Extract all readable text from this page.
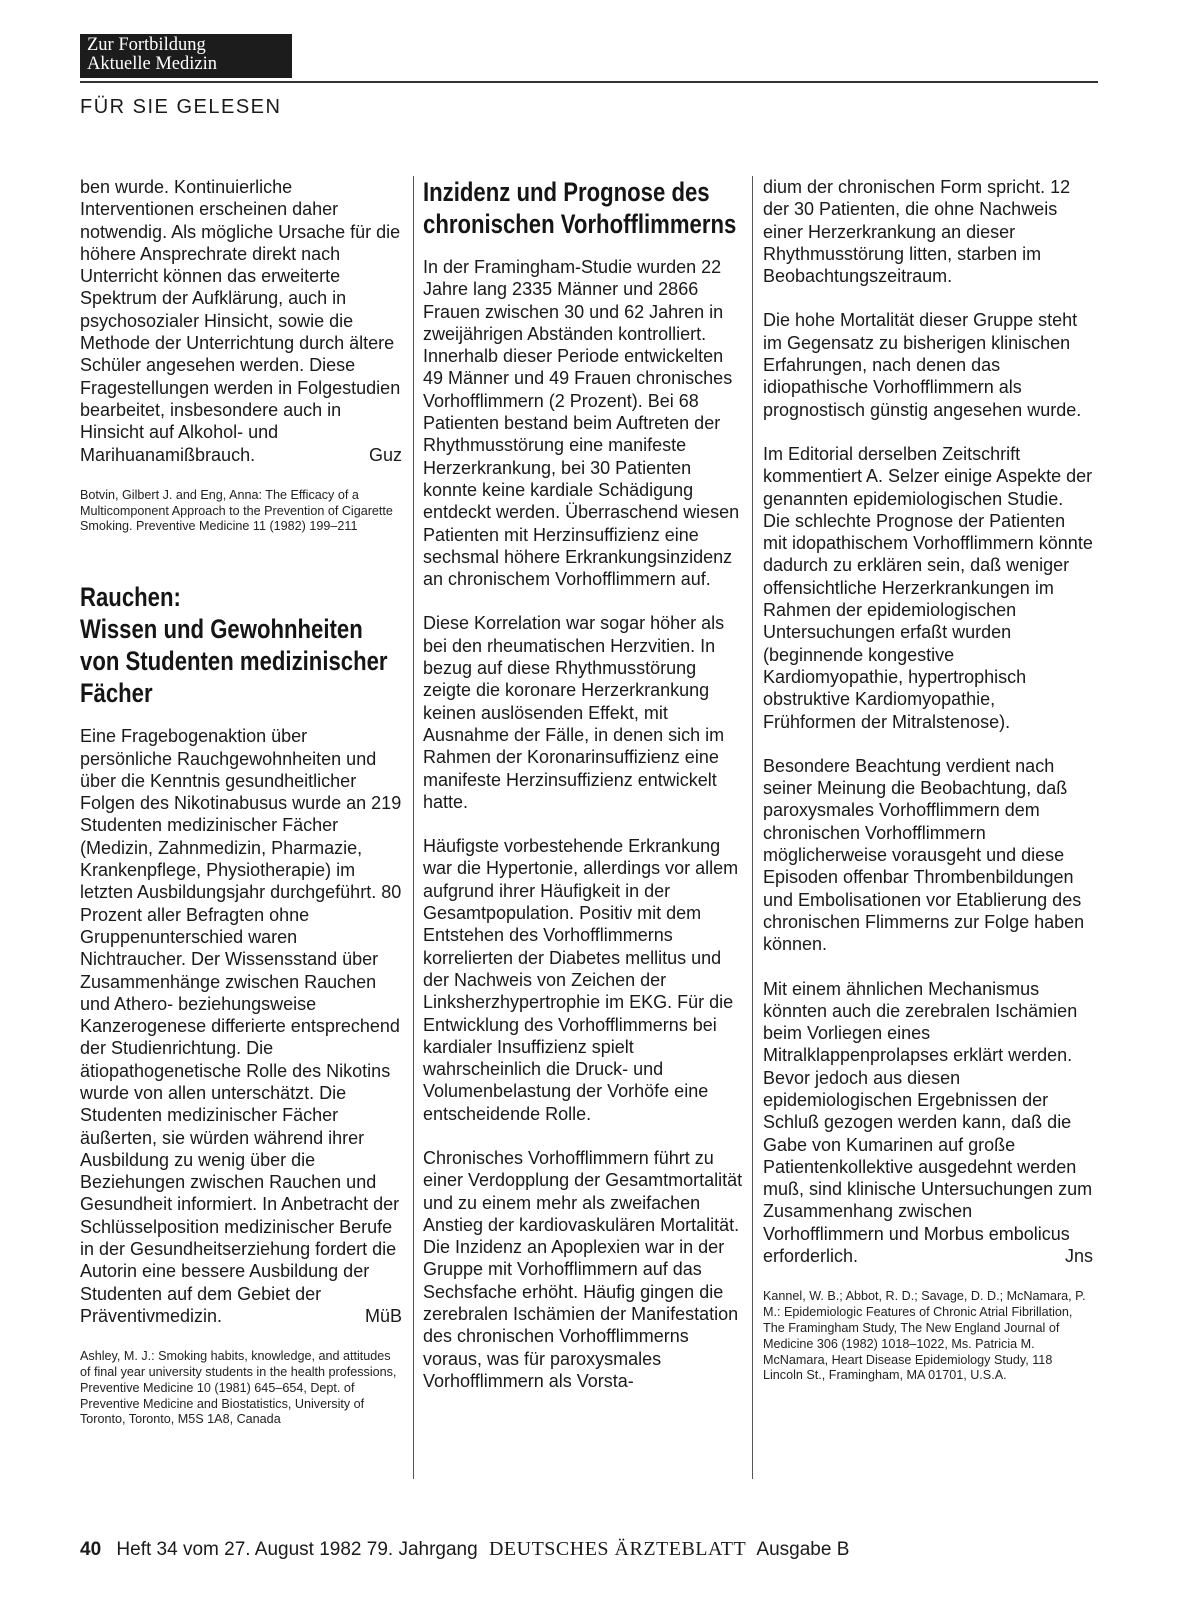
Zur Fortbildung
Aktuelle Medizin
FÜR SIE GELESEN

ben wurde. Kontinuierliche Interventionen erscheinen daher notwendig. Als mögliche Ursache für die höhere Ansprechrate direkt nach Unterricht können das erweiterte Spektrum der Aufklärung, auch in psychosozialer Hinsicht, sowie die Methode der Unterrichtung durch ältere Schüler angesehen werden. Diese Fragestellungen werden in Folgestudien bearbeitet, insbesondere auch in Hinsicht auf Alkohol- und Marihuanamißbrauch.	Guz

Botvin, Gilbert J. and Eng, Anna: The Efficacy of a Multicomponent Approach to the Prevention of Cigarette Smoking. Preventive Medicine 11 (1982) 199–211

Rauchen:
Wissen und Gewohnheiten von Studenten medizinischer Fächer

Eine Fragebogenaktion über persönliche Rauchgewohnheiten und über die Kenntnis gesundheitlicher Folgen des Nikotinabusus wurde an 219 Studenten medizinischer Fächer (Medizin, Zahnmedizin, Pharmazie, Krankenpflege, Physiotherapie) im letzten Ausbildungsjahr durchgeführt. 80 Prozent aller Befragten ohne Gruppenunterschied waren Nichtraucher. Der Wissensstand über Zusammenhänge zwischen Rauchen und Athero- beziehungsweise Kanzerogenese differierte entsprechend der Studienrichtung. Die ätiopathogenetische Rolle des Nikotins wurde von allen unterschätzt. Die Studenten medizinischer Fächer äußerten, sie würden während ihrer Ausbildung zu wenig über die Beziehungen zwischen Rauchen und Gesundheit informiert. In Anbetracht der Schlüsselposition medizinischer Berufe in der Gesundheitserziehung fordert die Autorin eine bessere Ausbildung der Studenten auf dem Gebiet der Präventivmedizin.	MüB

Ashley, M. J.: Smoking habits, knowledge, and attitudes of final year university students in the health professions, Preventive Medicine 10 (1981) 645–654, Dept. of Preventive Medicine and Biostatistics, University of Toronto, Toronto, M5S 1A8, Canada

Inzidenz und Prognose des chronischen Vorhofflimmerns

In der Framingham-Studie wurden 22 Jahre lang 2335 Männer und 2866 Frauen zwischen 30 und 62 Jahren in zweijährigen Abständen kontrolliert. Innerhalb dieser Periode entwickelten 49 Männer und 49 Frauen chronisches Vorhofflimmern (2 Prozent). Bei 68 Patienten bestand beim Auftreten der Rhythmusstörung eine manifeste Herzerkrankung, bei 30 Patienten konnte keine kardiale Schädigung entdeckt werden. Überraschend wiesen Patienten mit Herzinsuffizienz eine sechsmal höhere Erkrankungsinzidenz an chronischem Vorhofflimmern auf.

Diese Korrelation war sogar höher als bei den rheumatischen Herzvitien. In bezug auf diese Rhythmusstörung zeigte die koronare Herzerkrankung keinen auslösenden Effekt, mit Ausnahme der Fälle, in denen sich im Rahmen der Koronarinsuffizienz eine manifeste Herzinsuffizienz entwickelt hatte.

Häufigste vorbestehende Erkrankung war die Hypertonie, allerdings vor allem aufgrund ihrer Häufigkeit in der Gesamtpopulation. Positiv mit dem Entstehen des Vorhofflimmerns korrelierten der Diabetes mellitus und der Nachweis von Zeichen der Linksherzhypertrophie im EKG. Für die Entwicklung des Vorhofflimmerns bei kardialer Insuffizienz spielt wahrscheinlich die Druck- und Volumenbelastung der Vorhöfe eine entscheidende Rolle.

Chronisches Vorhofflimmern führt zu einer Verdopplung der Gesamtmortalität und zu einem mehr als zweifachen Anstieg der kardiovaskulären Mortalität. Die Inzidenz an Apoplexien war in der Gruppe mit Vorhofflimmern auf das Sechsfache erhöht. Häufig gingen die zerebralen Ischämien der Manifestation des chronischen Vorhofflimmerns voraus, was für paroxysmales Vorhofflimmern als Vorsta-

dium der chronischen Form spricht. 12 der 30 Patienten, die ohne Nachweis einer Herzerkrankung an dieser Rhythmusstörung litten, starben im Beobachtungszeitraum.

Die hohe Mortalität dieser Gruppe steht im Gegensatz zu bisherigen klinischen Erfahrungen, nach denen das idiopathische Vorhofflimmern als prognostisch günstig angesehen wurde.

Im Editorial derselben Zeitschrift kommentiert A. Selzer einige Aspekte der genannten epidemiologischen Studie. Die schlechte Prognose der Patienten mit idopathischem Vorhofflimmern könnte dadurch zu erklären sein, daß weniger offensichtliche Herzerkrankungen im Rahmen der epidemiologischen Untersuchungen erfaßt wurden (beginnende kongestive Kardiomyopathie, hypertrophisch obstruktive Kardiomyopathie, Frühformen der Mitralstenose).

Besondere Beachtung verdient nach seiner Meinung die Beobachtung, daß paroxysmales Vorhofflimmern dem chronischen Vorhofflimmern möglicherweise vorausgeht und diese Episoden offenbar Thrombenbildungen und Embolisationen vor Etablierung des chronischen Flimmerns zur Folge haben können.

Mit einem ähnlichen Mechanismus könnten auch die zerebralen Ischämien beim Vorliegen eines Mitralklappenprolapses erklärt werden. Bevor jedoch aus diesen epidemiologischen Ergebnissen der Schluß gezogen werden kann, daß die Gabe von Kumarinen auf große Patientenkollektive ausgedehnt werden muß, sind klinische Untersuchungen zum Zusammenhang zwischen Vorhofflimmern und Morbus embolicus erforderlich.	Jns

Kannel, W. B.; Abbot, R. D.; Savage, D. D.; McNamara, P. M.: Epidemiologic Features of Chronic Atrial Fibrillation, The Framingham Study, The New England Journal of Medicine 306 (1982) 1018–1022, Ms. Patricia M. McNamara, Heart Disease Epidemiology Study, 118 Lincoln St., Framingham, MA 01701, U.S.A.

40 Heft 34 vom 27. August 1982 79. Jahrgang DEUTSCHES ÄRZTEBLATT Ausgabe B
